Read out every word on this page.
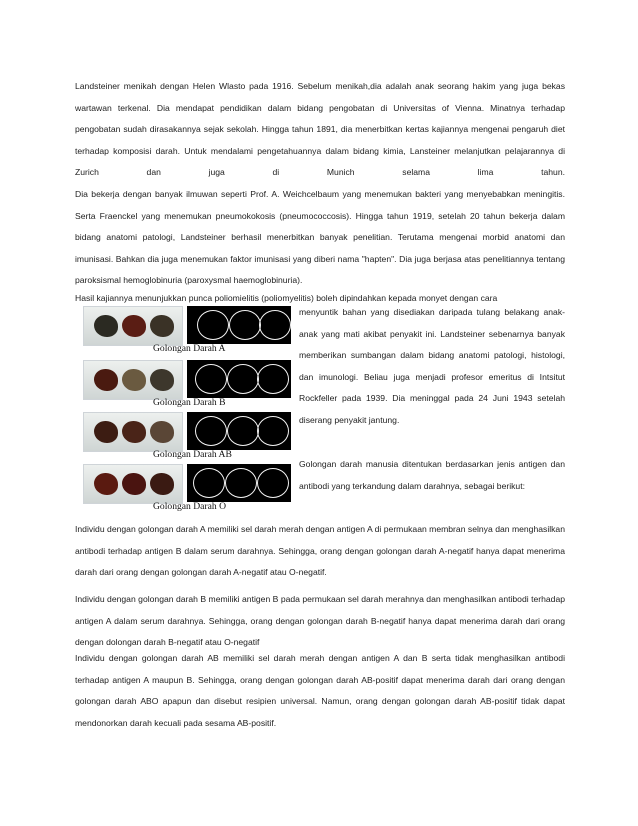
Landsteiner menikah dengan Helen Wlasto pada 1916. Sebelum menikah,dia adalah anak seorang hakim yang juga bekas wartawan terkenal. Dia mendapat pendidikan dalam bidang pengobatan di Universitas of Vienna. Minatnya terhadap pengobatan sudah dirasakannya sejak sekolah. Hingga tahun 1891, dia menerbitkan kertas kajiannya mengenai pengaruh diet terhadap komposisi darah. Untuk mendalami pengetahuannya dalam bidang kimia, Lansteiner melanjutkan pelajarannya di Zurich dan juga di Munich selama lima tahun.

Dia bekerja dengan banyak ilmuwan seperti Prof. A. Weichcelbaum yang menemukan bakteri yang menyebabkan meningitis. Serta Fraenckel yang menemukan pneumokokosis (pneumococcosis). Hingga tahun 1919, setelah 20 tahun bekerja dalam bidang anatomi patologi, Landsteiner berhasil menerbitkan banyak penelitian. Terutama mengenai morbid anatomi dan imunisasi. Bahkan dia juga menemukan faktor imunisasi yang diberi nama "hapten". Dia juga berjasa atas penelitiannya tentang paroksismal hemoglobinuria (paroxysmal haemoglobinuria).

Hasil kajiannya menunjukkan punca poliomielitis (poliomyelitis) boleh dipindahkan kepada monyet dengan cara

Golongan Darah A
Golongan Darah B
Golongan Darah AB
Golongan Darah O

menyuntik bahan yang disediakan daripada tulang belakang anak-anak yang mati akibat penyakit ini. Landsteiner sebenarnya banyak memberikan sumbangan dalam bidang anatomi patologi, histologi, dan imunologi. Beliau juga menjadi profesor emeritus di Intsitut Rockfeller pada 1939. Dia meninggal pada 24 Juni 1943 setelah diserang penyakit jantung.

Golongan darah manusia ditentukan berdasarkan jenis antigen dan antibodi yang terkandung dalam darahnya, sebagai berikut:

Individu dengan golongan darah A memiliki sel darah merah dengan antigen A di permukaan membran selnya dan menghasilkan antibodi terhadap antigen B dalam serum darahnya. Sehingga, orang dengan golongan darah A-negatif hanya dapat menerima darah dari orang dengan golongan darah A-negatif atau O-negatif.

Individu dengan golongan darah B memiliki antigen B pada permukaan sel darah merahnya dan menghasilkan antibodi terhadap antigen A dalam serum darahnya. Sehingga, orang dengan golongan darah B-negatif hanya dapat menerima darah dari orang dengan dolongan darah B-negatif atau O-negatif

Individu dengan golongan darah AB memiliki sel darah merah dengan antigen A dan B serta tidak menghasilkan antibodi terhadap antigen A maupun B. Sehingga, orang dengan golongan darah AB-positif dapat menerima darah dari orang dengan golongan darah ABO apapun dan disebut resipien universal. Namun, orang dengan golongan darah AB-positif tidak dapat mendonorkan darah kecuali pada sesama AB-positif.
